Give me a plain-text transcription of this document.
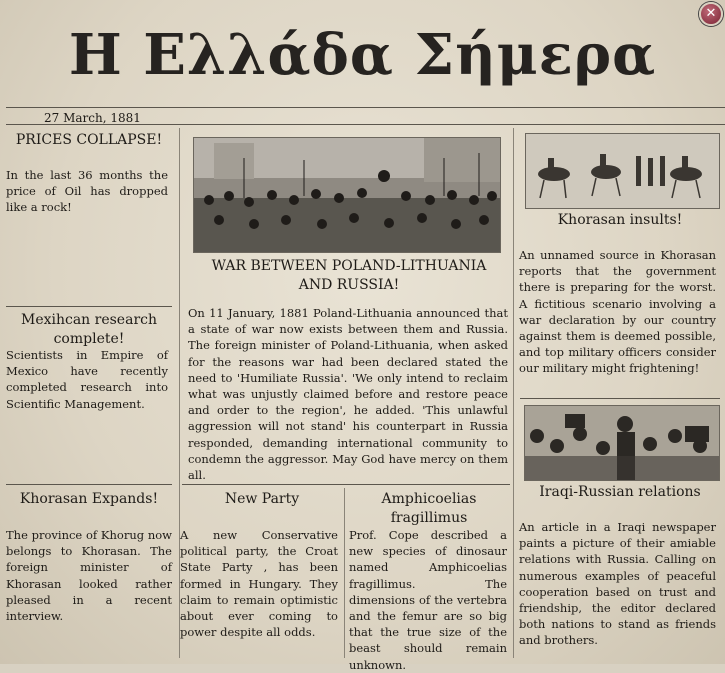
Η Ελλάδα Σήμερα
✕
27 March, 1881
PRICES COLLAPSE!
In the last 36 months the price of Oil has dropped like a rock!
Mexihcan research complete!
Scientists in Empire of Mexico have recently completed research into Scientific Management.
Khorasan Expands!
The province of Khorug now belongs to Khorasan. The foreign minister of Khorasan looked rather pleased in a recent interview.
WAR BETWEEN POLAND-LITHUANIA AND RUSSIA!
On 11 January, 1881 Poland-Lithuania announced that a state of war now exists between them and Russia. The foreign minister of Poland-Lithuania, when asked for the reasons war had been declared stated the need to 'Humiliate Russia'. 'We only intend to reclaim what was unjustly claimed before and restore peace and order to the region', he added. 'This unlawful aggression will not stand' his counterpart in Russia responded, demanding international community to condemn the aggressor. May God have mercy on them all.
New Party
A new Conservative political party, the Croat State Party , has been formed in Hungary. They claim to remain optimistic about ever coming to power despite all odds.
Amphicoelias fragillimus
Prof. Cope described a new species of dinosaur named Amphicoelias fragillimus. The dimensions of the vertebra and the femur are so big that the true size of the beast should remain unknown.
Khorasan insults!
An unnamed source in Khorasan reports that the government there is preparing for the worst. A fictitious scenario involving a war declaration by our country against them is deemed possible, and top military officers consider our military might frightening!
Iraqi-Russian relations
An article in a Iraqi newspaper paints a picture of their amiable relations with Russia. Calling on numerous examples of peaceful cooperation based on trust and friendship, the editor declared both nations to stand as friends and brothers.
